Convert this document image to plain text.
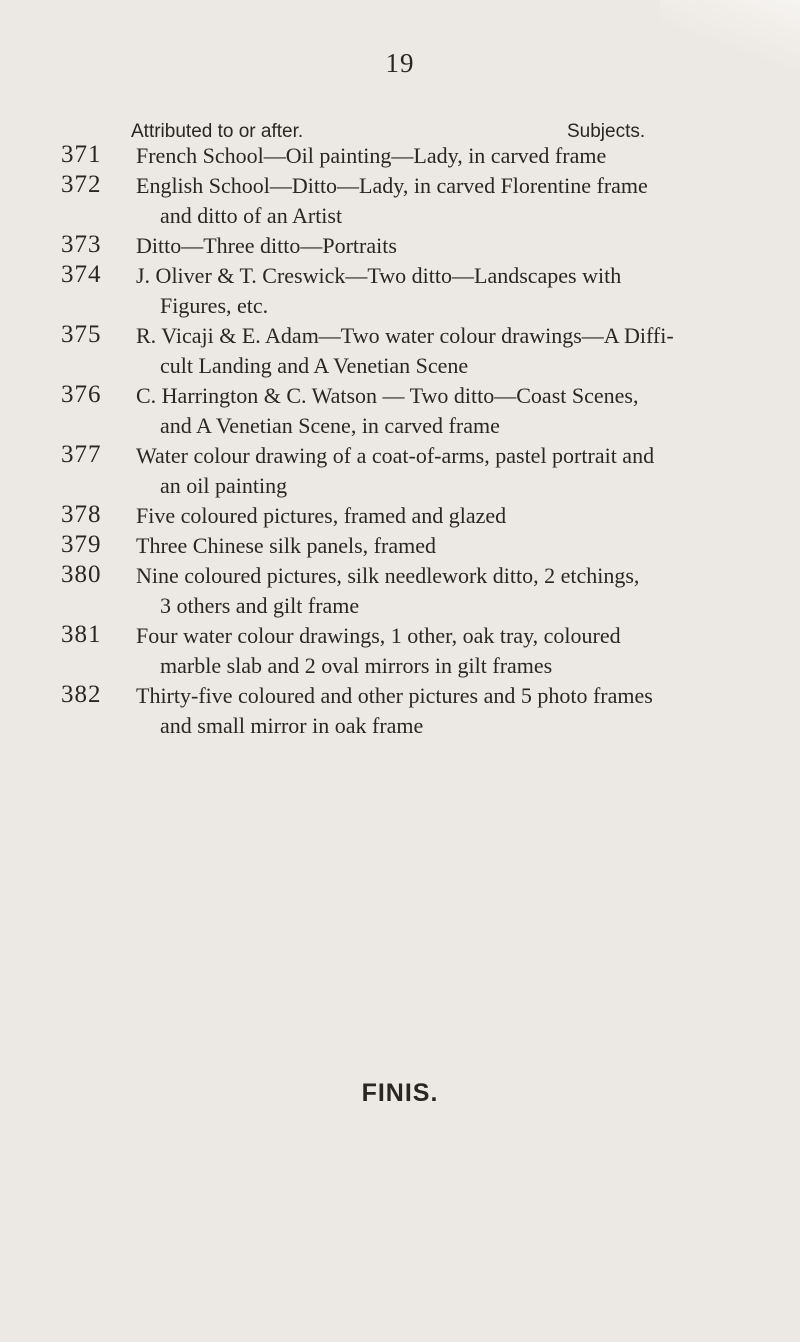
19
Attributed to or after.	Subjects.
371 French School—Oil painting—Lady, in carved frame
372 English School—Ditto—Lady, in carved Florentine frame
and ditto of an Artist
373 Ditto—Three ditto—Portraits
374 J. Oliver & T. Creswick—Two ditto—Landscapes with
Figures, etc.
375 R. Vicaji & E. Adam—Two water colour drawings—A Diffi-
cult Landing and A Venetian Scene
376 C. Harrington & C. Watson — Two ditto—Coast Scenes,
and A Venetian Scene, in carved frame
377 Water colour drawing of a coat-of-arms, pastel portrait and
an oil painting
378 Five coloured pictures, framed and glazed
379 Three Chinese silk panels, framed
380 Nine coloured pictures, silk needlework ditto, 2 etchings,
3 others and gilt frame
381 Four water colour drawings, 1 other, oak tray, coloured
marble slab and 2 oval mirrors in gilt frames
382 Thirty-five coloured and other pictures and 5 photo frames
and small mirror in oak frame
FINIS.
